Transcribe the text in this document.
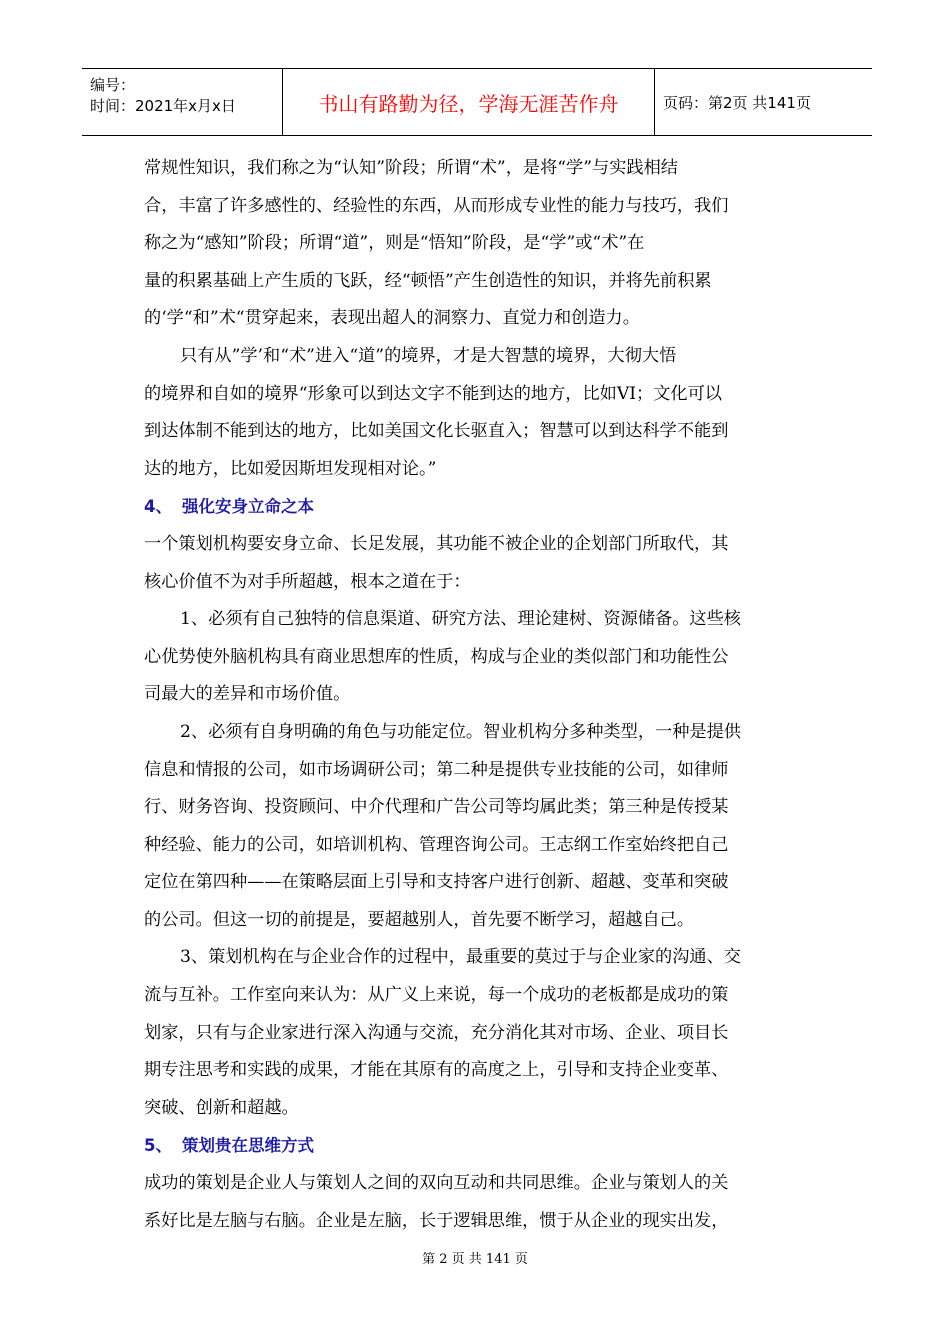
编号：
时间：2021年x月x日	书山有路勤为径，学海无涯苦作舟	页码：第2页 共141页
常规性知识，我们称之为“认知”阶段；所谓“术”，是将“学”与实践相结
合，丰富了许多感性的、经验性的东西，从而形成专业性的能力与技巧，我们
称之为“感知”阶段；所谓“道”，则是“悟知”阶段，是“学”或“术”在
量的积累基础上产生质的飞跃，经“顿悟”产生创造性的知识，并将先前积累
的‘学“和”术“贯穿起来，表现出超人的洞察力、直觉力和创造力。
只有从”学’和“术”进入“道”的境界，才是大智慧的境界，大彻大悟
的境界和自如的境界“形象可以到达文字不能到达的地方，比如VI；文化可以
到达体制不能到达的地方，比如美国文化长驱直入；智慧可以到达科学不能到
达的地方，比如爱因斯坦发现相对论。”
4、 强化安身立命之本
一个策划机构要安身立命、长足发展，其功能不被企业的企划部门所取代，其
核心价值不为对手所超越，根本之道在于：
1、必须有自己独特的信息渠道、研究方法、理论建树、资源储备。这些核
心优势使外脑机构具有商业思想库的性质，构成与企业的类似部门和功能性公
司最大的差异和市场价值。
2、必须有自身明确的角色与功能定位。智业机构分多种类型，一种是提供
信息和情报的公司，如市场调研公司；第二种是提供专业技能的公司，如律师
行、财务咨询、投资顾问、中介代理和广告公司等均属此类；第三种是传授某
种经验、能力的公司，如培训机构、管理咨询公司。王志纲工作室始终把自己
定位在第四种——在策略层面上引导和支持客户进行创新、超越、变革和突破
的公司。但这一切的前提是，要超越别人，首先要不断学习，超越自己。
3、策划机构在与企业合作的过程中，最重要的莫过于与企业家的沟通、交
流与互补。工作室向来认为：从广义上来说，每一个成功的老板都是成功的策
划家，只有与企业家进行深入沟通与交流，充分消化其对市场、企业、项目长
期专注思考和实践的成果，才能在其原有的高度之上，引导和支持企业变革、
突破、创新和超越。
5、 策划贵在思维方式
成功的策划是企业人与策划人之间的双向互动和共同思维。企业与策划人的关
系好比是左脑与右脑。企业是左脑，长于逻辑思维，惯于从企业的现实出发，
第 2 页 共 141 页
